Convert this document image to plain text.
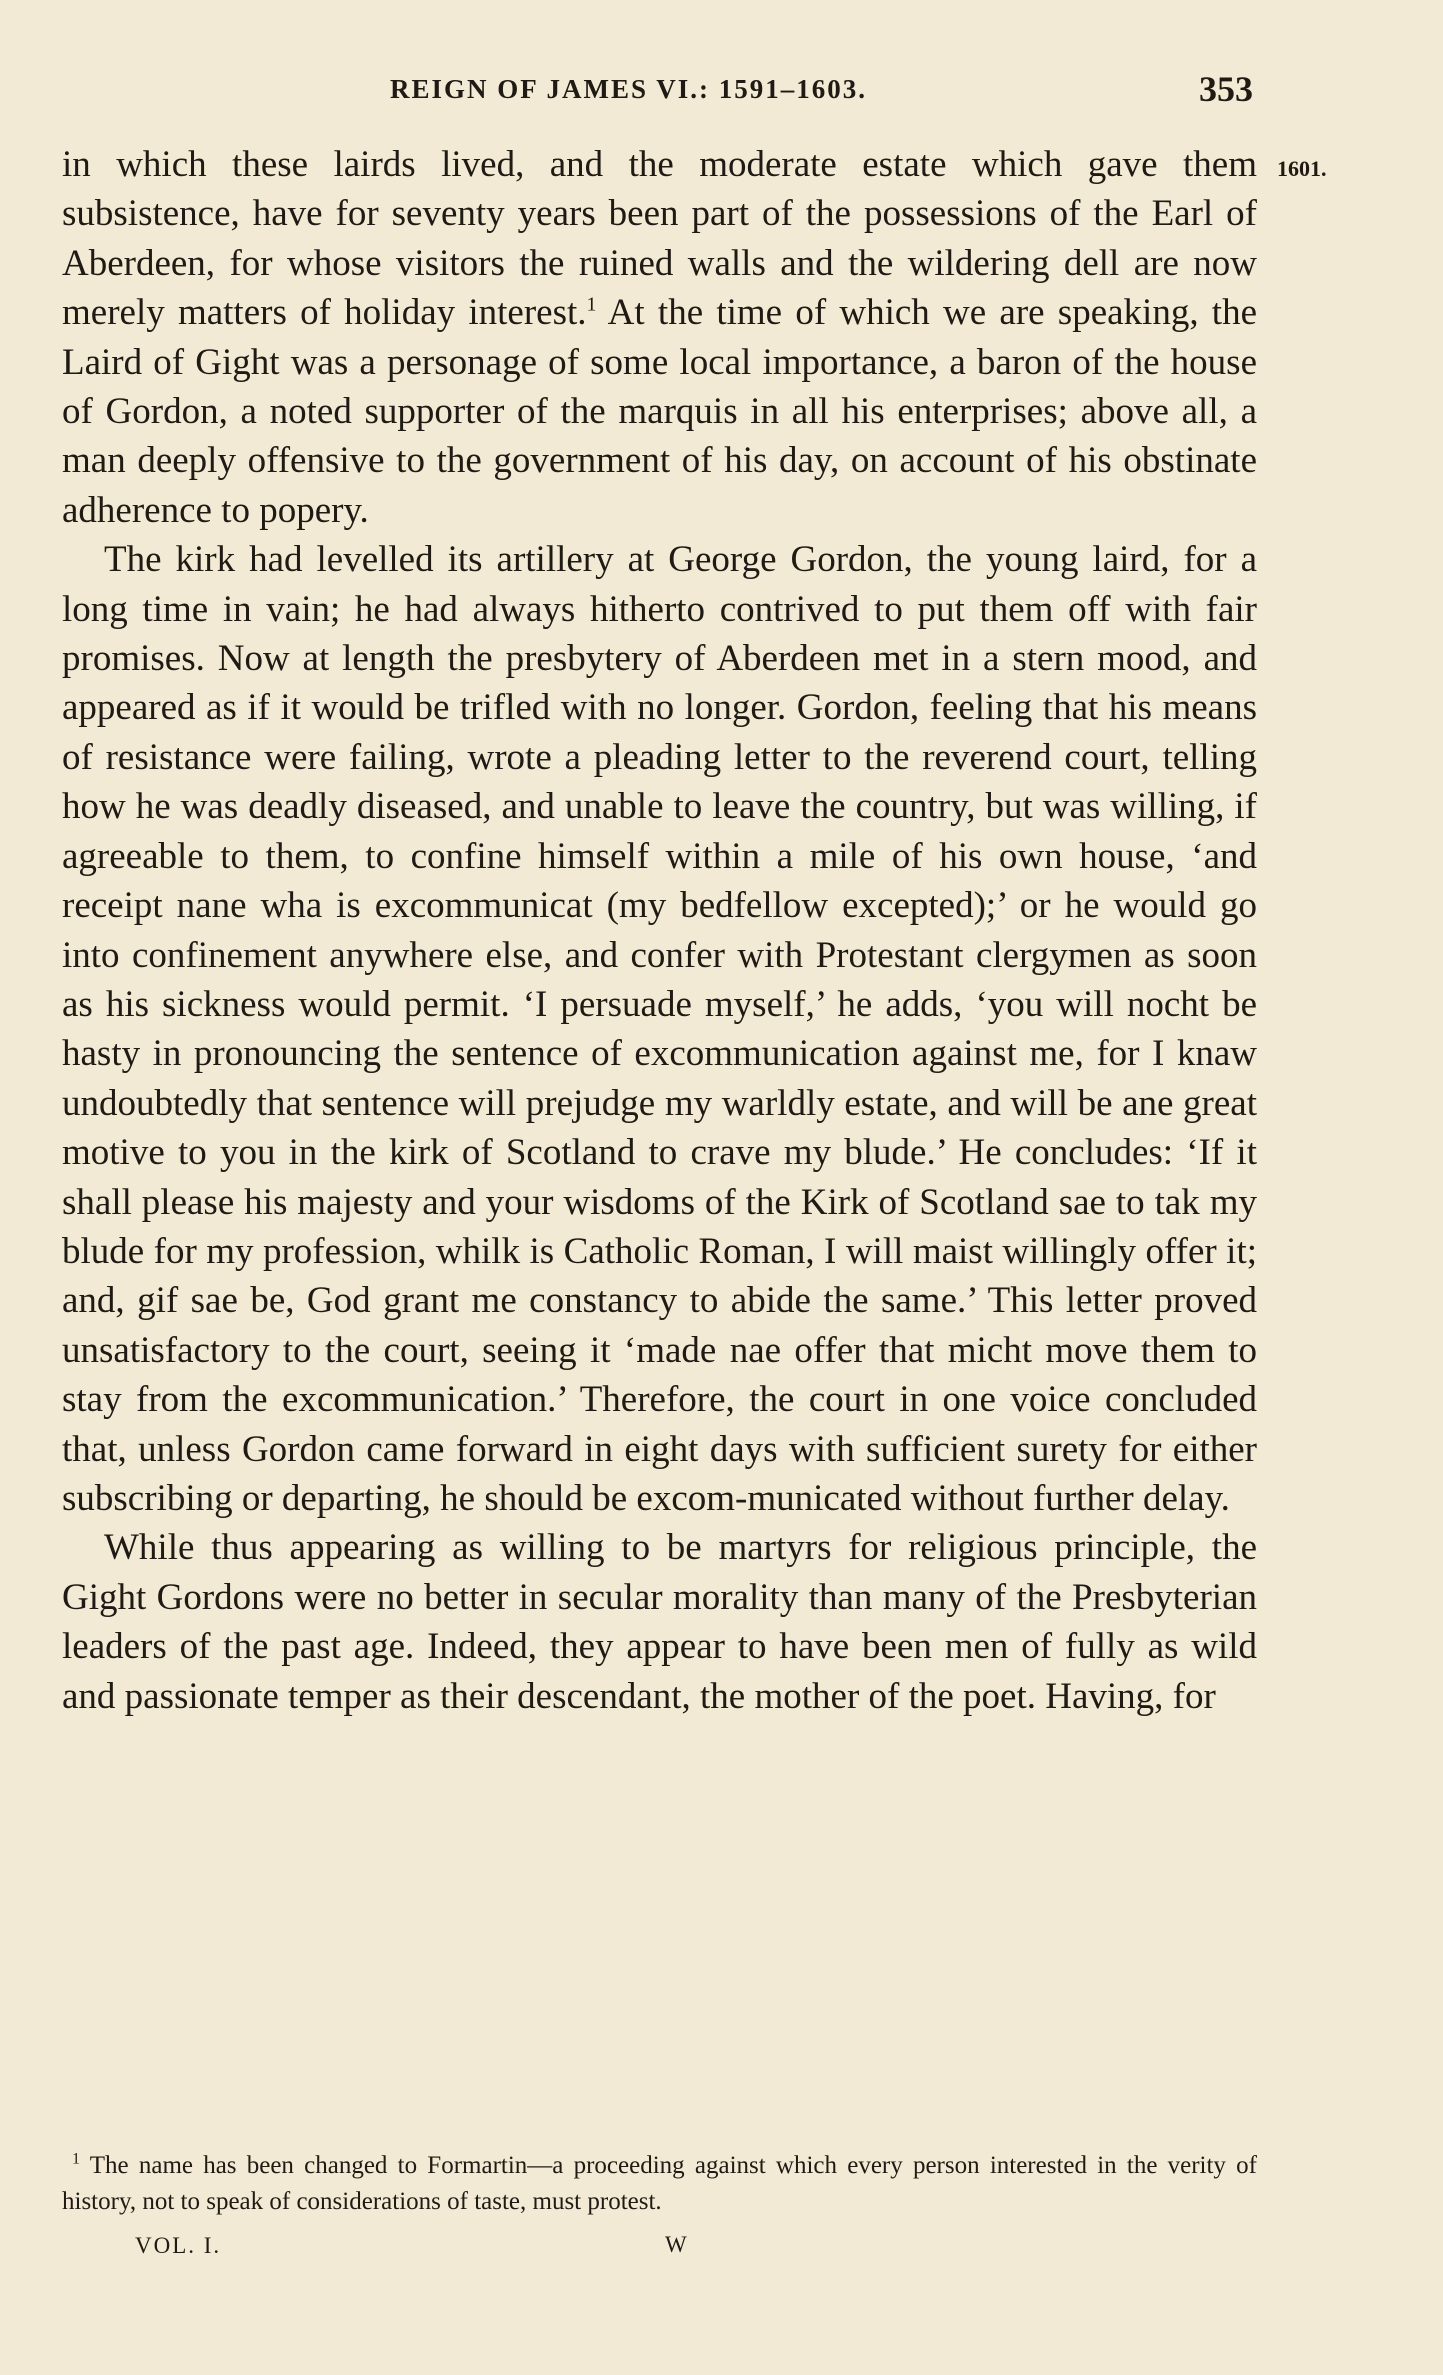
REIGN OF JAMES VI.: 1591–1603.	353
1601.

in which these lairds lived, and the moderate estate which gave them subsistence, have for seventy years been part of the possessions of the Earl of Aberdeen, for whose visitors the ruined walls and the wildering dell are now merely matters of holiday interest.$^1$ At the time of which we are speaking, the Laird of Gight was a personage of some local importance, a baron of the house of Gordon, a noted supporter of the marquis in all his enterprises; above all, a man deeply offensive to the government of his day, on account of his obstinate adherence to popery.

The kirk had levelled its artillery at George Gordon, the young laird, for a long time in vain; he had always hitherto contrived to put them off with fair promises. Now at length the presbytery of Aberdeen met in a stern mood, and appeared as if it would be trifled with no longer. Gordon, feeling that his means of resistance were failing, wrote a pleading letter to the reverend court, telling how he was deadly diseased, and unable to leave the country, but was willing, if agreeable to them, to confine himself within a mile of his own house, ‘and receipt nane wha is excommunicat (my bedfellow excepted);’ or he would go into confinement anywhere else, and confer with Protestant clergymen as soon as his sickness would permit. ‘I persuade myself,’ he adds, ‘you will nocht be hasty in pronouncing the sentence of excommunication against me, for I knaw undoubtedly that sentence will prejudge my warldly estate, and will be ane great motive to you in the kirk of Scotland to crave my blude.’ He concludes: ‘If it shall please his majesty and your wisdoms of the Kirk of Scotland sae to tak my blude for my profession, whilk is Catholic Roman, I will maist willingly offer it; and, gif sae be, God grant me constancy to abide the same.’ This letter proved unsatisfactory to the court, seeing it ‘made nae offer that micht move them to stay from the excommunication.’ Therefore, the court in one voice concluded that, unless Gordon came forward in eight days with sufficient surety for either subscribing or departing, he should be excom-municated without further delay.

While thus appearing as willing to be martyrs for religious principle, the Gight Gordons were no better in secular morality than many of the Presbyterian leaders of the past age. Indeed, they appear to have been men of fully as wild and passionate temper as their descendant, the mother of the poet. Having, for

$^1$ The name has been changed to Formartin—a proceeding against which every person interested in the verity of history, not to speak of considerations of taste, must protest.

VOL. I.	W
